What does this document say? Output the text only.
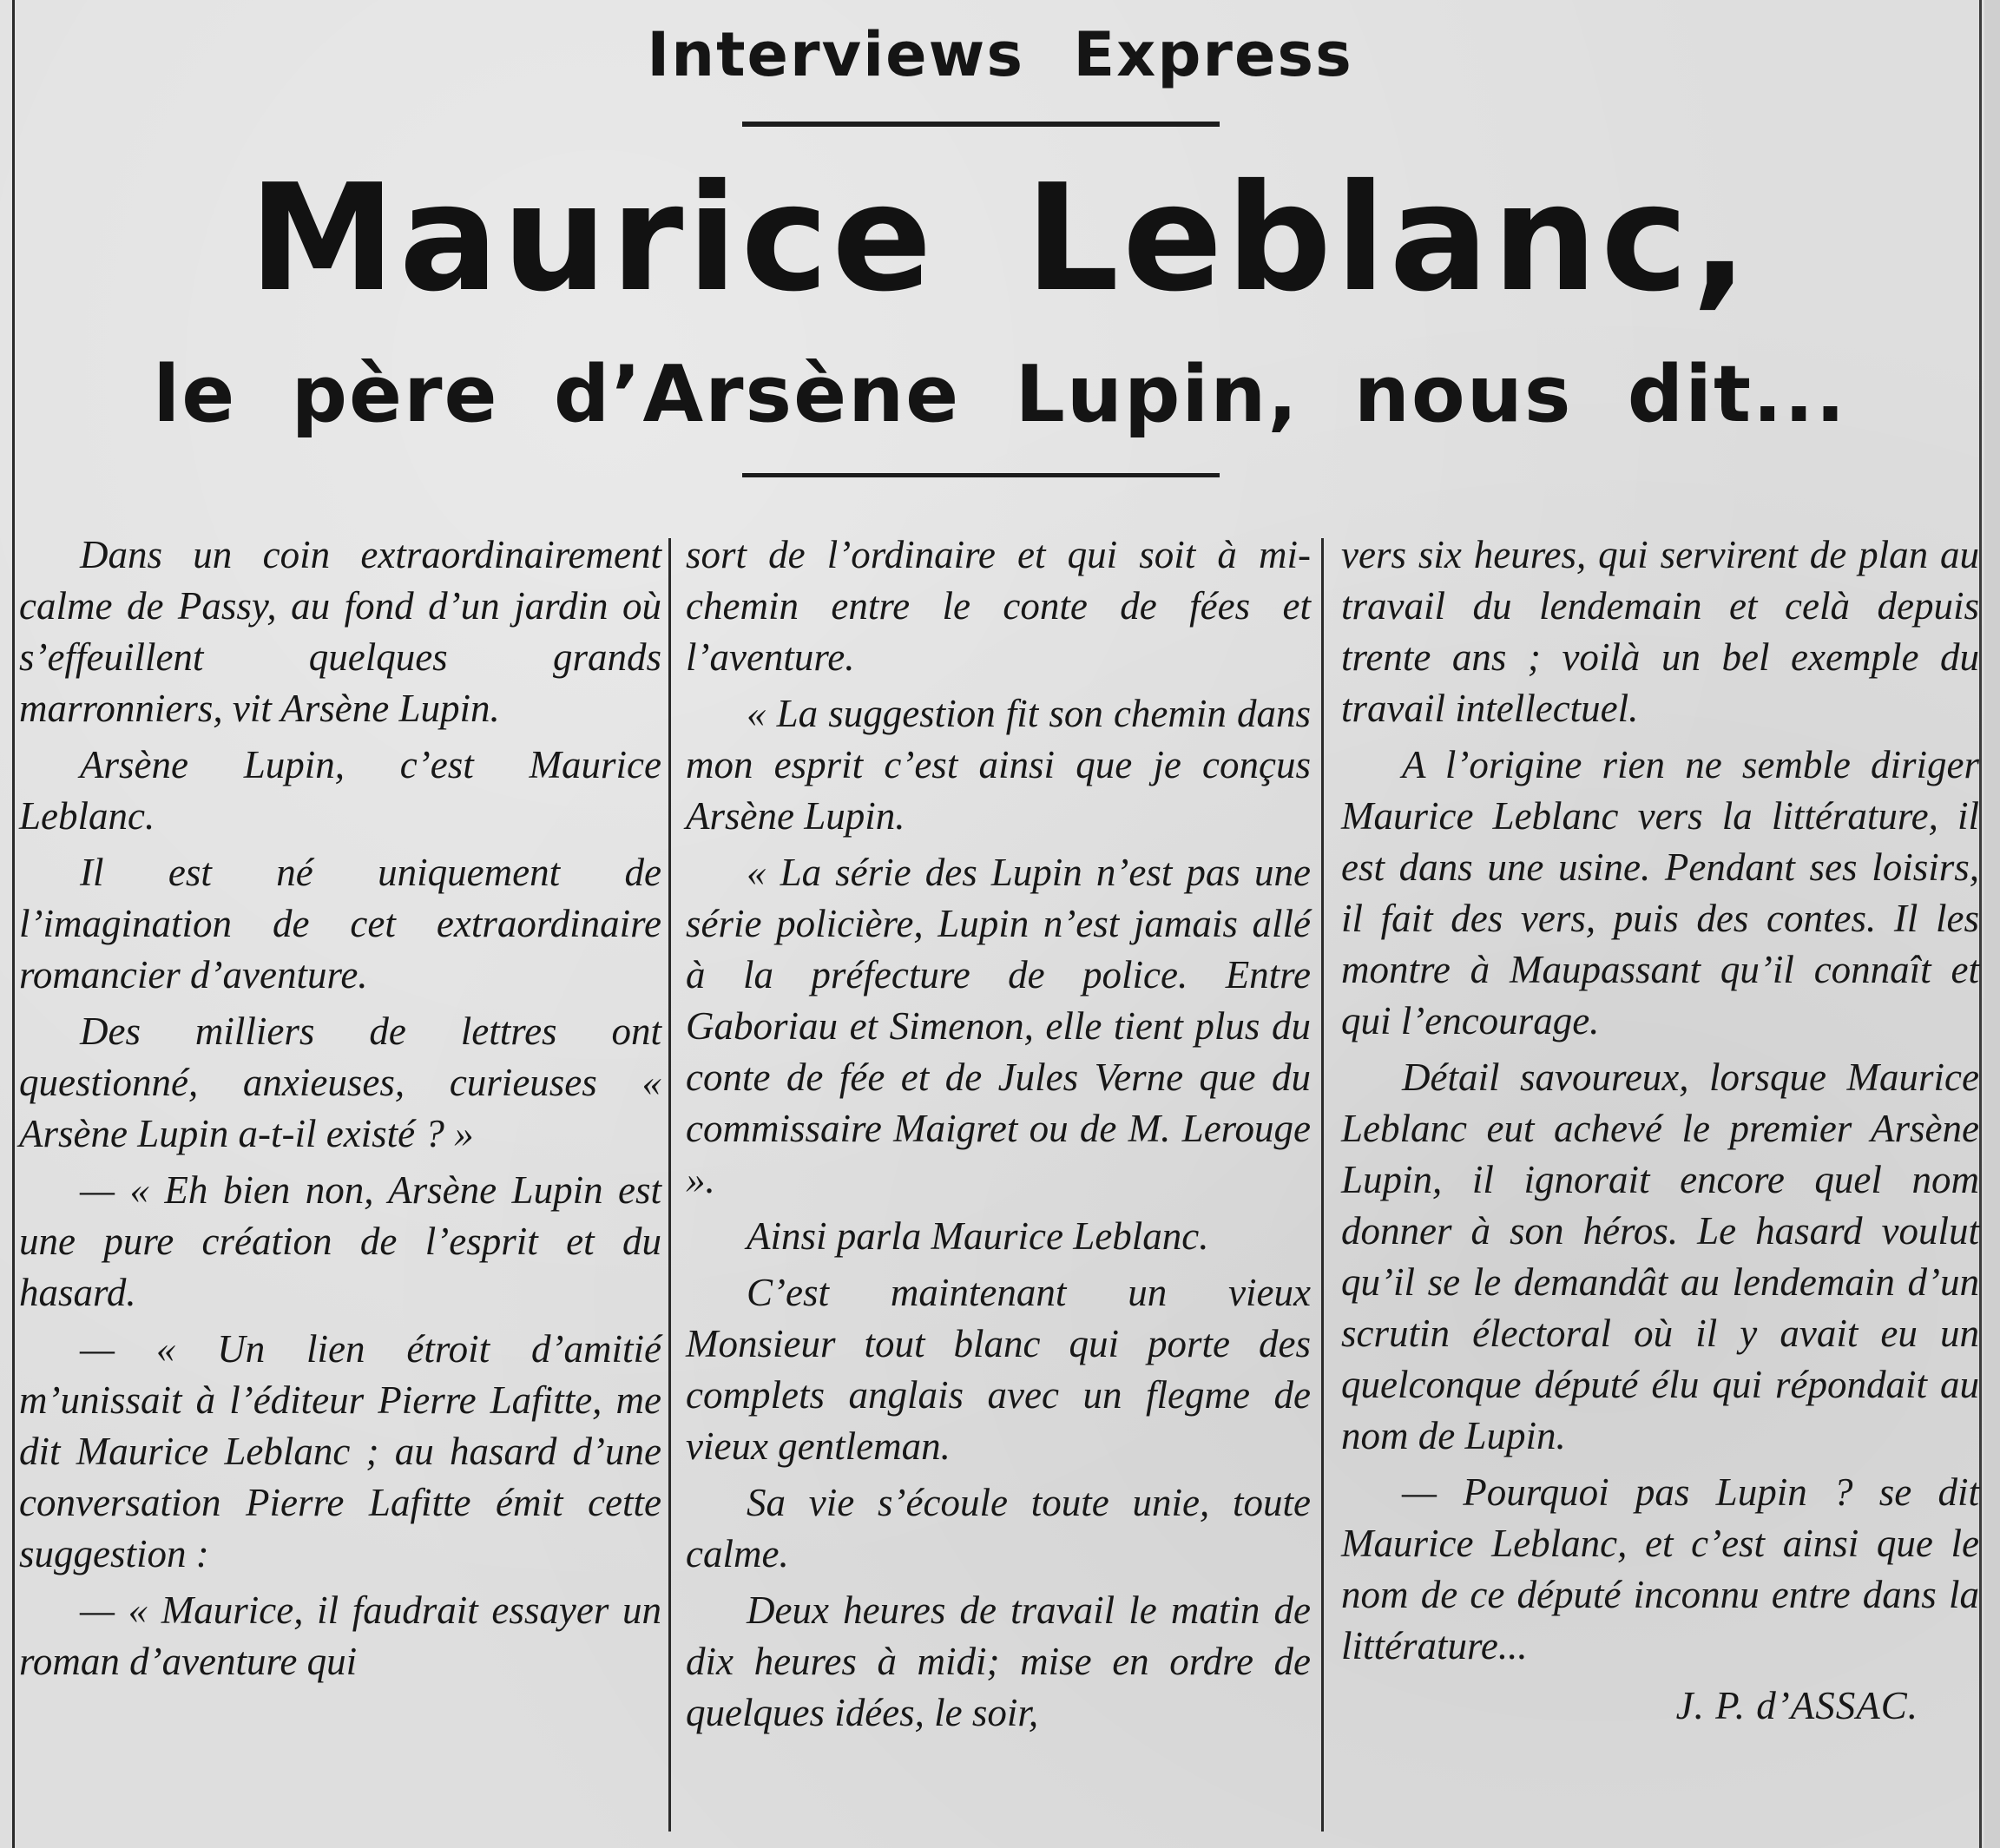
Interviews Express
Maurice Leblanc,
le père d’Arsène Lupin, nous dit...

Dans un coin extraordinairement calme de Passy, au fond d’un jardin où s’effeuillent quelques grands marronniers, vit Arsène Lupin.

Arsène Lupin, c’est Maurice Leblanc.

Il est né uniquement de l’imagination de cet extraordinaire romancier d’aventure.

Des milliers de lettres ont questionné, anxieuses, curieuses « Arsène Lupin a-t-il existé ? »

— « Eh bien non, Arsène Lupin est une pure création de l’esprit et du hasard.

— « Un lien étroit d’amitié m’unissait à l’éditeur Pierre Lafitte, me dit Maurice Leblanc ; au hasard d’une conversation Pierre Lafitte émit cette suggestion :

— « Maurice, il faudrait essayer un roman d’aventure qui

sort de l’ordinaire et qui soit à mi-chemin entre le conte de fées et l’aventure.

« La suggestion fit son chemin dans mon esprit c’est ainsi que je conçus Arsène Lupin.

« La série des Lupin n’est pas une série policière, Lupin n’est jamais allé à la préfecture de police. Entre Gaboriau et Simenon, elle tient plus du conte de fée et de Jules Verne que du commissaire Maigret ou de M. Lerouge ».

Ainsi parla Maurice Leblanc.

C’est maintenant un vieux Monsieur tout blanc qui porte des complets anglais avec un flegme de vieux gentleman.

Sa vie s’écoule toute unie, toute calme.

Deux heures de travail le matin de dix heures à midi; mise en ordre de quelques idées, le soir,

vers six heures, qui servirent de plan au travail du lendemain et celà depuis trente ans ; voilà un bel exemple du travail intellectuel.

A l’origine rien ne semble diriger Maurice Leblanc vers la littérature, il est dans une usine. Pendant ses loisirs, il fait des vers, puis des contes. Il les montre à Maupassant qu’il connaît et qui l’encourage.

Détail savoureux, lorsque Maurice Leblanc eut achevé le premier Arsène Lupin, il ignorait encore quel nom donner à son héros. Le hasard voulut qu’il se le demandât au lendemain d’un scrutin électoral où il y avait eu un quelconque député élu qui répondait au nom de Lupin.

— Pourquoi pas Lupin ? se dit Maurice Leblanc, et c’est ainsi que le nom de ce député inconnu entre dans la littérature...

J. P. d’ASSAC.
